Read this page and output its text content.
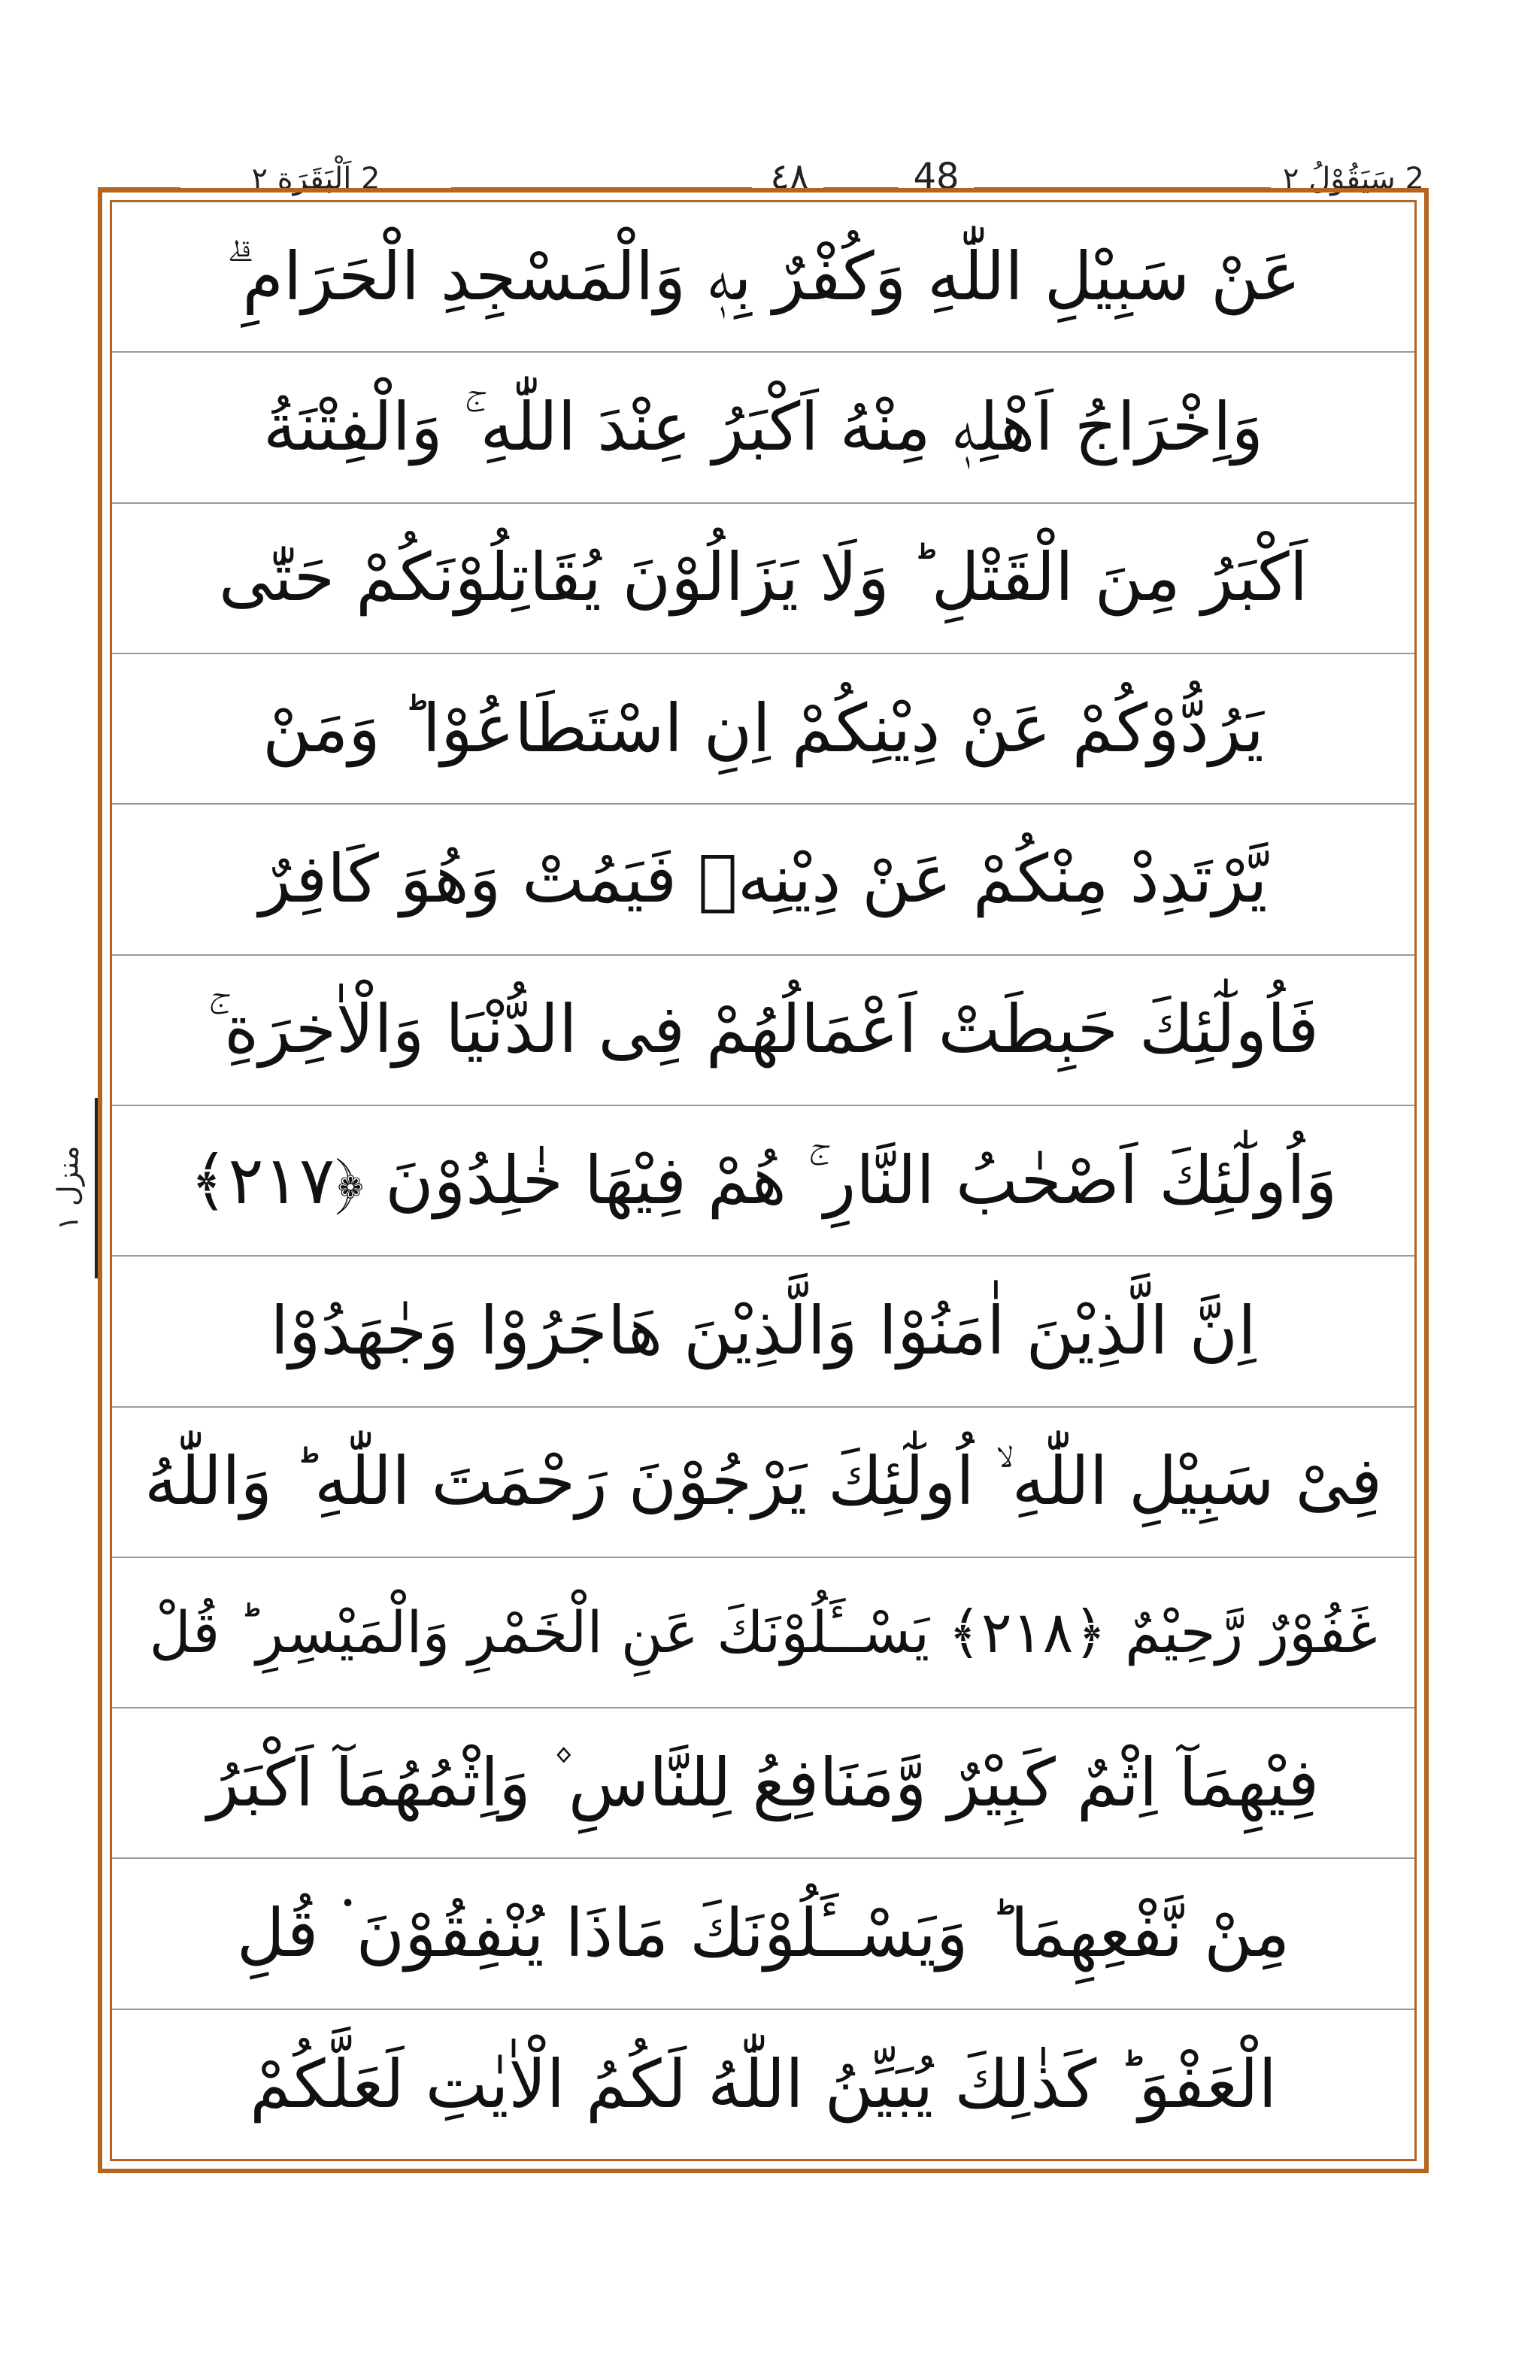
2 اَلْبَقَرَة ٢	٤٨	48	2 سَيَقُوْلُ ٢
منزل ١
عَنْ سَبِيْلِ اللّٰهِ وَكُفْرٌ بِهٖ وَالْمَسْجِدِ الْحَرَامِ ۗ
وَاِخْرَاجُ اَهْلِهٖ مِنْهُ اَكْبَرُ عِنْدَ اللّٰهِ ۚ وَالْفِتْنَةُ
اَكْبَرُ مِنَ الْقَتْلِ ؕ وَلَا يَزَالُوْنَ يُقَاتِلُوْنَكُمْ حَتّٰى
يَرُدُّوْكُمْ عَنْ دِيْنِكُمْ اِنِ اسْتَطَاعُوْا ؕ وَمَنْ
يَّرْتَدِدْ مِنْكُمْ عَنْ دِيْنِهٖ فَيَمُتْ وَهُوَ كَافِرٌ
فَاُولٰٓئِكَ حَبِطَتْ اَعْمَالُهُمْ فِى الدُّنْيَا وَالْاٰخِرَةِ ۚ
وَاُولٰٓئِكَ اَصْحٰبُ النَّارِ ۚ هُمْ فِيْهَا خٰلِدُوْنَ ﴿٢١٧﴾
اِنَّ الَّذِيْنَ اٰمَنُوْا وَالَّذِيْنَ هَاجَرُوْا وَجٰهَدُوْا
فِىْ سَبِيْلِ اللّٰهِ ۙ اُولٰٓئِكَ يَرْجُوْنَ رَحْمَتَ اللّٰهِ ؕ وَاللّٰهُ
غَفُوْرٌ رَّحِيْمٌ ﴿٢١٨﴾ يَسْــَٔلُوْنَكَ عَنِ الْخَمْرِ وَالْمَيْسِرِ ؕ قُلْ
فِيْهِمَآ اِثْمٌ كَبِيْرٌ وَّمَنَافِعُ لِلنَّاسِ ۫ وَاِثْمُهُمَآ اَكْبَرُ
مِنْ نَّفْعِهِمَا ؕ وَيَسْــَٔلُوْنَكَ مَاذَا يُنْفِقُوْنَ ۬ قُلِ
الْعَفْوَ ؕ كَذٰلِكَ يُبَيِّنُ اللّٰهُ لَكُمُ الْاٰيٰتِ لَعَلَّكُمْ
